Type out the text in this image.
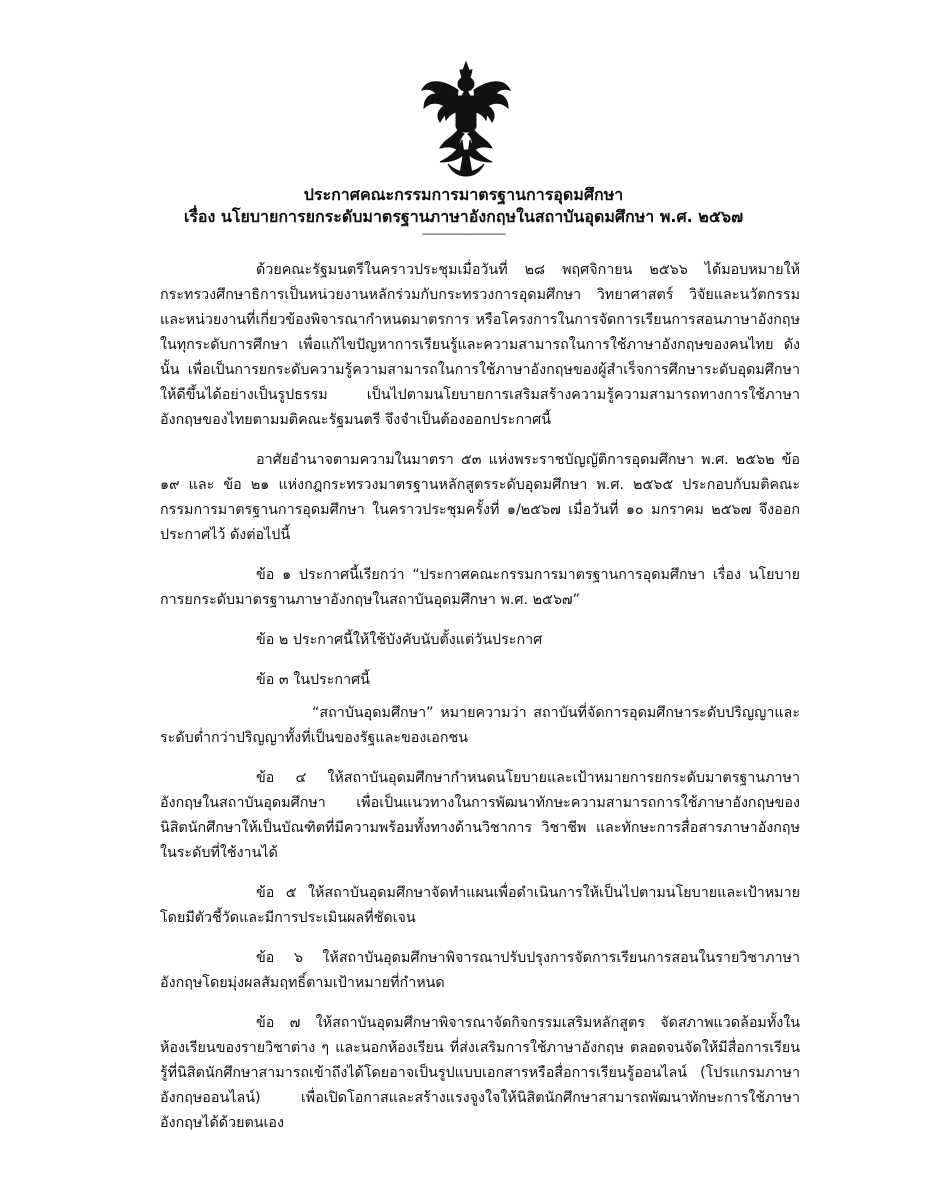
ประกาศคณะกรรมการมาตรฐานการอุดมศึกษา
เรื่อง นโยบายการยกระดับมาตรฐานภาษาอังกฤษในสถาบันอุดมศึกษา พ.ศ. ๒๕๖๗
--------------------------------

ด้วยคณะรัฐมนตรีในคราวประชุมเมื่อวันที่ ๒๘ พฤศจิกายน ๒๕๖๖ ได้มอบหมายให้กระทรวงศึกษาธิการเป็นหน่วยงานหลักร่วมกับกระทรวงการอุดมศึกษา วิทยาศาสตร์ วิจัยและนวัตกรรม และหน่วยงานที่เกี่ยวข้องพิจารณากำหนดมาตรการ หรือโครงการในการจัดการเรียนการสอนภาษาอังกฤษในทุกระดับการศึกษา เพื่อแก้ไขปัญหาการเรียนรู้และความสามารถในการใช้ภาษาอังกฤษของคนไทย ดังนั้น เพื่อเป็นการยกระดับความรู้ความสามารถในการใช้ภาษาอังกฤษของผู้สำเร็จการศึกษาระดับอุดมศึกษาให้ดีขึ้นได้อย่างเป็นรูปธรรม เป็นไปตามนโยบายการเสริมสร้างความรู้ความสามารถทางการใช้ภาษาอังกฤษของไทยตามมติคณะรัฐมนตรี จึงจำเป็นต้องออกประกาศนี้

อาศัยอำนาจตามความในมาตรา ๕๓ แห่งพระราชบัญญัติการอุดมศึกษา พ.ศ. ๒๕๖๒ ข้อ ๑๙ และ ข้อ ๒๑ แห่งกฎกระทรวงมาตรฐานหลักสูตรระดับอุดมศึกษา พ.ศ. ๒๕๖๕ ประกอบกับมติคณะกรรมการมาตรฐานการอุดมศึกษา ในคราวประชุมครั้งที่ ๑/๒๕๖๗ เมื่อวันที่ ๑๐ มกราคม ๒๕๖๗ จึงออกประกาศไว้ ดังต่อไปนี้

ข้อ ๑ ประกาศนี้เรียกว่า “ประกาศคณะกรรมการมาตรฐานการอุดมศึกษา เรื่อง นโยบายการยกระดับมาตรฐานภาษาอังกฤษในสถาบันอุดมศึกษา พ.ศ. ๒๕๖๗”

ข้อ ๒ ประกาศนี้ให้ใช้บังคับนับตั้งแต่วันประกาศ

ข้อ ๓ ในประกาศนี้

“สถาบันอุดมศึกษา” หมายความว่า สถาบันที่จัดการอุดมศึกษาระดับปริญญาและระดับต่ำกว่าปริญญาทั้งที่เป็นของรัฐและของเอกชน

ข้อ ๔ ให้สถาบันอุดมศึกษากำหนดนโยบายและเป้าหมายการยกระดับมาตรฐานภาษาอังกฤษในสถาบันอุดมศึกษา เพื่อเป็นแนวทางในการพัฒนาทักษะความสามารถการใช้ภาษาอังกฤษของนิสิตนักศึกษาให้เป็นบัณฑิตที่มีความพร้อมทั้งทางด้านวิชาการ วิชาชีพ และทักษะการสื่อสารภาษาอังกฤษในระดับที่ใช้งานได้

ข้อ ๕ ให้สถาบันอุดมศึกษาจัดทำแผนเพื่อดำเนินการให้เป็นไปตามนโยบายและเป้าหมายโดยมีตัวชี้วัดและมีการประเมินผลที่ชัดเจน

ข้อ ๖ ให้สถาบันอุดมศึกษาพิจารณาปรับปรุงการจัดการเรียนการสอนในรายวิชาภาษาอังกฤษโดยมุ่งผลสัมฤทธิ์ตามเป้าหมายที่กำหนด

ข้อ ๗ ให้สถาบันอุดมศึกษาพิจารณาจัดกิจกรรมเสริมหลักสูตร จัดสภาพแวดล้อมทั้งในห้องเรียนของรายวิชาต่าง ๆ และนอกห้องเรียน ที่ส่งเสริมการใช้ภาษาอังกฤษ ตลอดจนจัดให้มีสื่อการเรียนรู้ที่นิสิตนักศึกษาสามารถเข้าถึงได้โดยอาจเป็นรูปแบบเอกสารหรือสื่อการเรียนรู้ออนไลน์ (โปรแกรมภาษาอังกฤษออนไลน์) เพื่อเปิดโอกาสและสร้างแรงจูงใจให้นิสิตนักศึกษาสามารถพัฒนาทักษะการใช้ภาษาอังกฤษได้ด้วยตนเอง
